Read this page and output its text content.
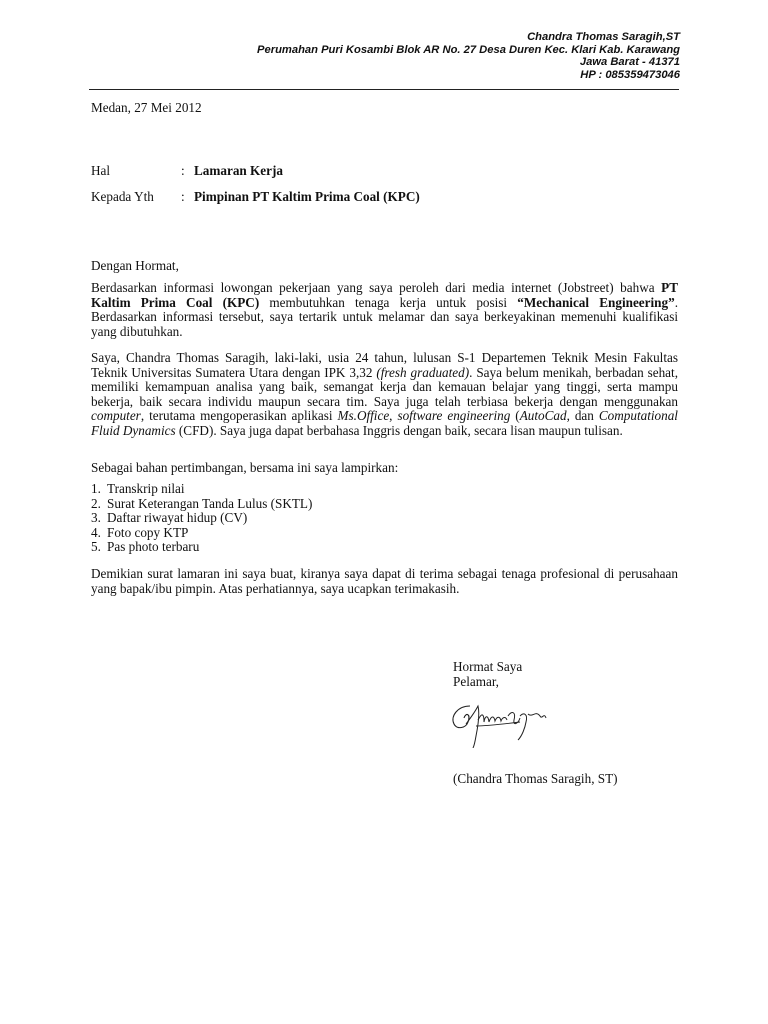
Chandra Thomas Saragih,ST
Perumahan Puri Kosambi Blok AR No. 27 Desa Duren Kec. Klari Kab. Karawang
Jawa Barat - 41371
HP : 085359473046
Medan, 27 Mei 2012
Hal	: Lamaran Kerja
Kepada Yth : Pimpinan PT Kaltim Prima Coal (KPC)
Dengan Hormat,

Berdasarkan informasi lowongan pekerjaan yang saya peroleh dari media internet (Jobstreet) bahwa PT Kaltim Prima Coal (KPC) membutuhkan tenaga kerja untuk posisi “Mechanical Engineering”. Berdasarkan informasi tersebut, saya tertarik untuk melamar dan saya berkeyakinan memenuhi kualifikasi yang dibutuhkan.

Saya, Chandra Thomas Saragih, laki-laki, usia 24 tahun, lulusan S-1 Departemen Teknik Mesin Fakultas Teknik Universitas Sumatera Utara dengan IPK 3,32 (fresh graduated). Saya belum menikah, berbadan sehat, memiliki kemampuan analisa yang baik, semangat kerja dan kemauan belajar yang tinggi, serta mampu bekerja, baik secara individu maupun secara tim. Saya juga telah terbiasa bekerja dengan menggunakan computer, terutama mengoperasikan aplikasi Ms.Office, software engineering (AutoCad, dan Computational Fluid Dynamics (CFD). Saya juga dapat berbahasa Inggris dengan baik, secara lisan maupun tulisan.

Sebagai bahan pertimbangan, bersama ini saya lampirkan:
1. Transkrip nilai
2. Surat Keterangan Tanda Lulus (SKTL)
3. Daftar riwayat hidup (CV)
4. Foto copy KTP
5. Pas photo terbaru
Demikian surat lamaran ini saya buat, kiranya saya dapat di terima sebagai tenaga profesional di perusahaan yang bapak/ibu pimpin. Atas perhatiannya, saya ucapkan terimakasih.
Hormat Saya
Pelamar,
(Chandra Thomas Saragih, ST)
